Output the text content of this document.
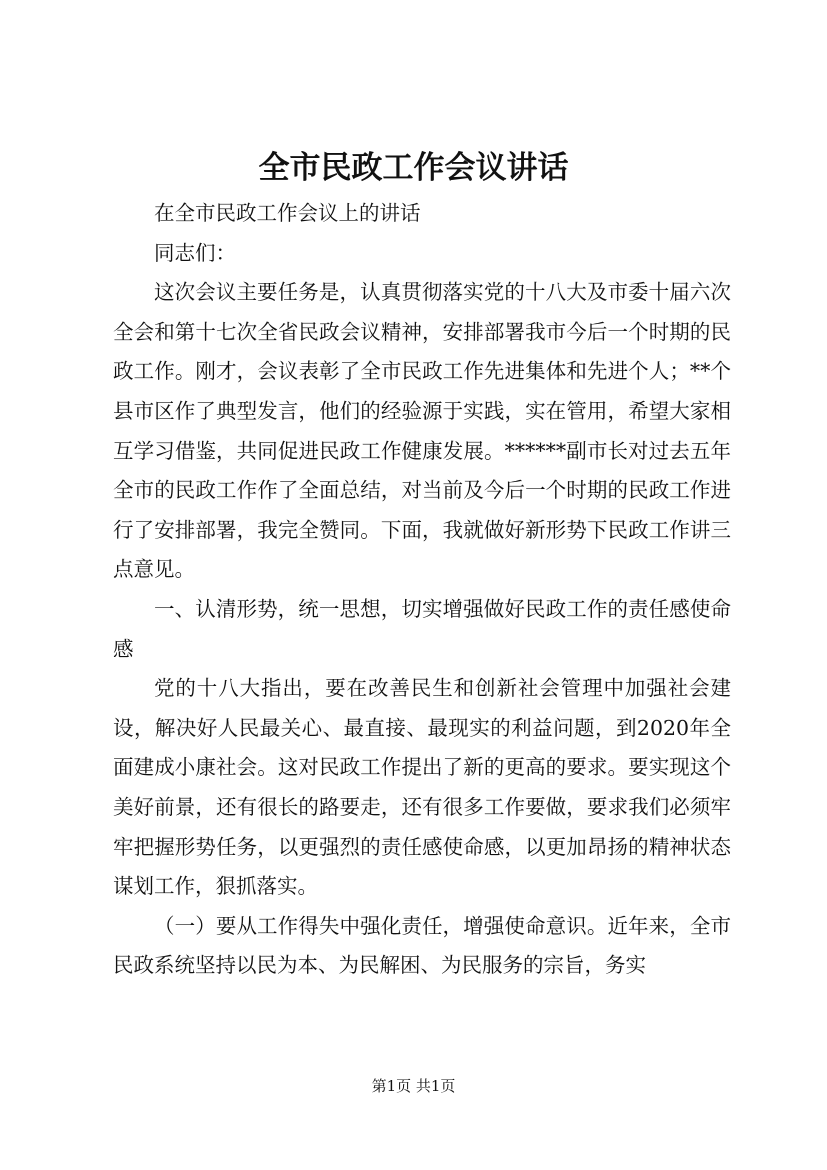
全市民政工作会议讲话

在全市民政工作会议上的讲话

同志们：

这次会议主要任务是，认真贯彻落实党的十八大及市委十届六次全会和第十七次全省民政会议精神，安排部署我市今后一个时期的民政工作。刚才，会议表彰了全市民政工作先进集体和先进个人；**个县市区作了典型发言，他们的经验源于实践，实在管用，希望大家相互学习借鉴，共同促进民政工作健康发展。******副市长对过去五年全市的民政工作作了全面总结，对当前及今后一个时期的民政工作进行了安排部署，我完全赞同。下面，我就做好新形势下民政工作讲三点意见。

一、认清形势，统一思想，切实增强做好民政工作的责任感使命感

党的十八大指出，要在改善民生和创新社会管理中加强社会建设，解决好人民最关心、最直接、最现实的利益问题，到2020年全面建成小康社会。这对民政工作提出了新的更高的要求。要实现这个美好前景，还有很长的路要走，还有很多工作要做，要求我们必须牢牢把握形势任务，以更强烈的责任感使命感，以更加昂扬的精神状态谋划工作，狠抓落实。

（一）要从工作得失中强化责任，增强使命意识。近年来，全市民政系统坚持以民为本、为民解困、为民服务的宗旨，务实

第1页 共1页
